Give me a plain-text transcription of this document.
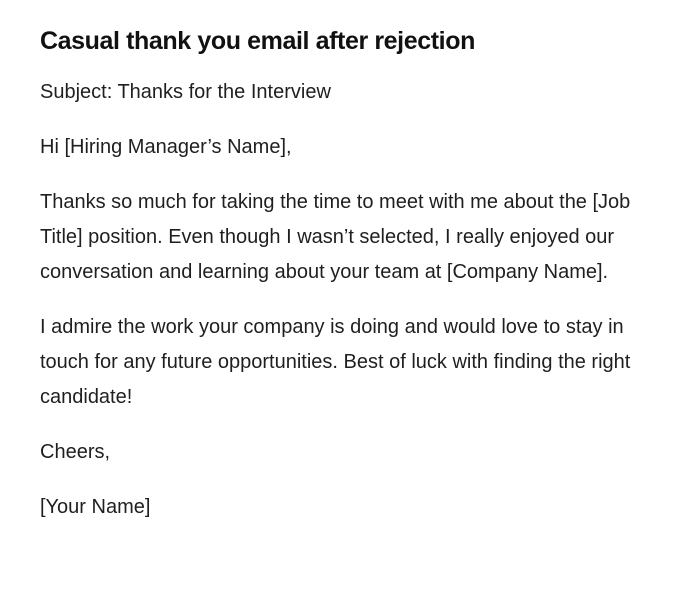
Casual thank you email after rejection

Subject: Thanks for the Interview

Hi [Hiring Manager’s Name],

Thanks so much for taking the time to meet with me about the [Job Title] position. Even though I wasn’t selected, I really enjoyed our conversation and learning about your team at [Company Name].

I admire the work your company is doing and would love to stay in touch for any future opportunities. Best of luck with finding the right candidate!

Cheers,

[Your Name]
